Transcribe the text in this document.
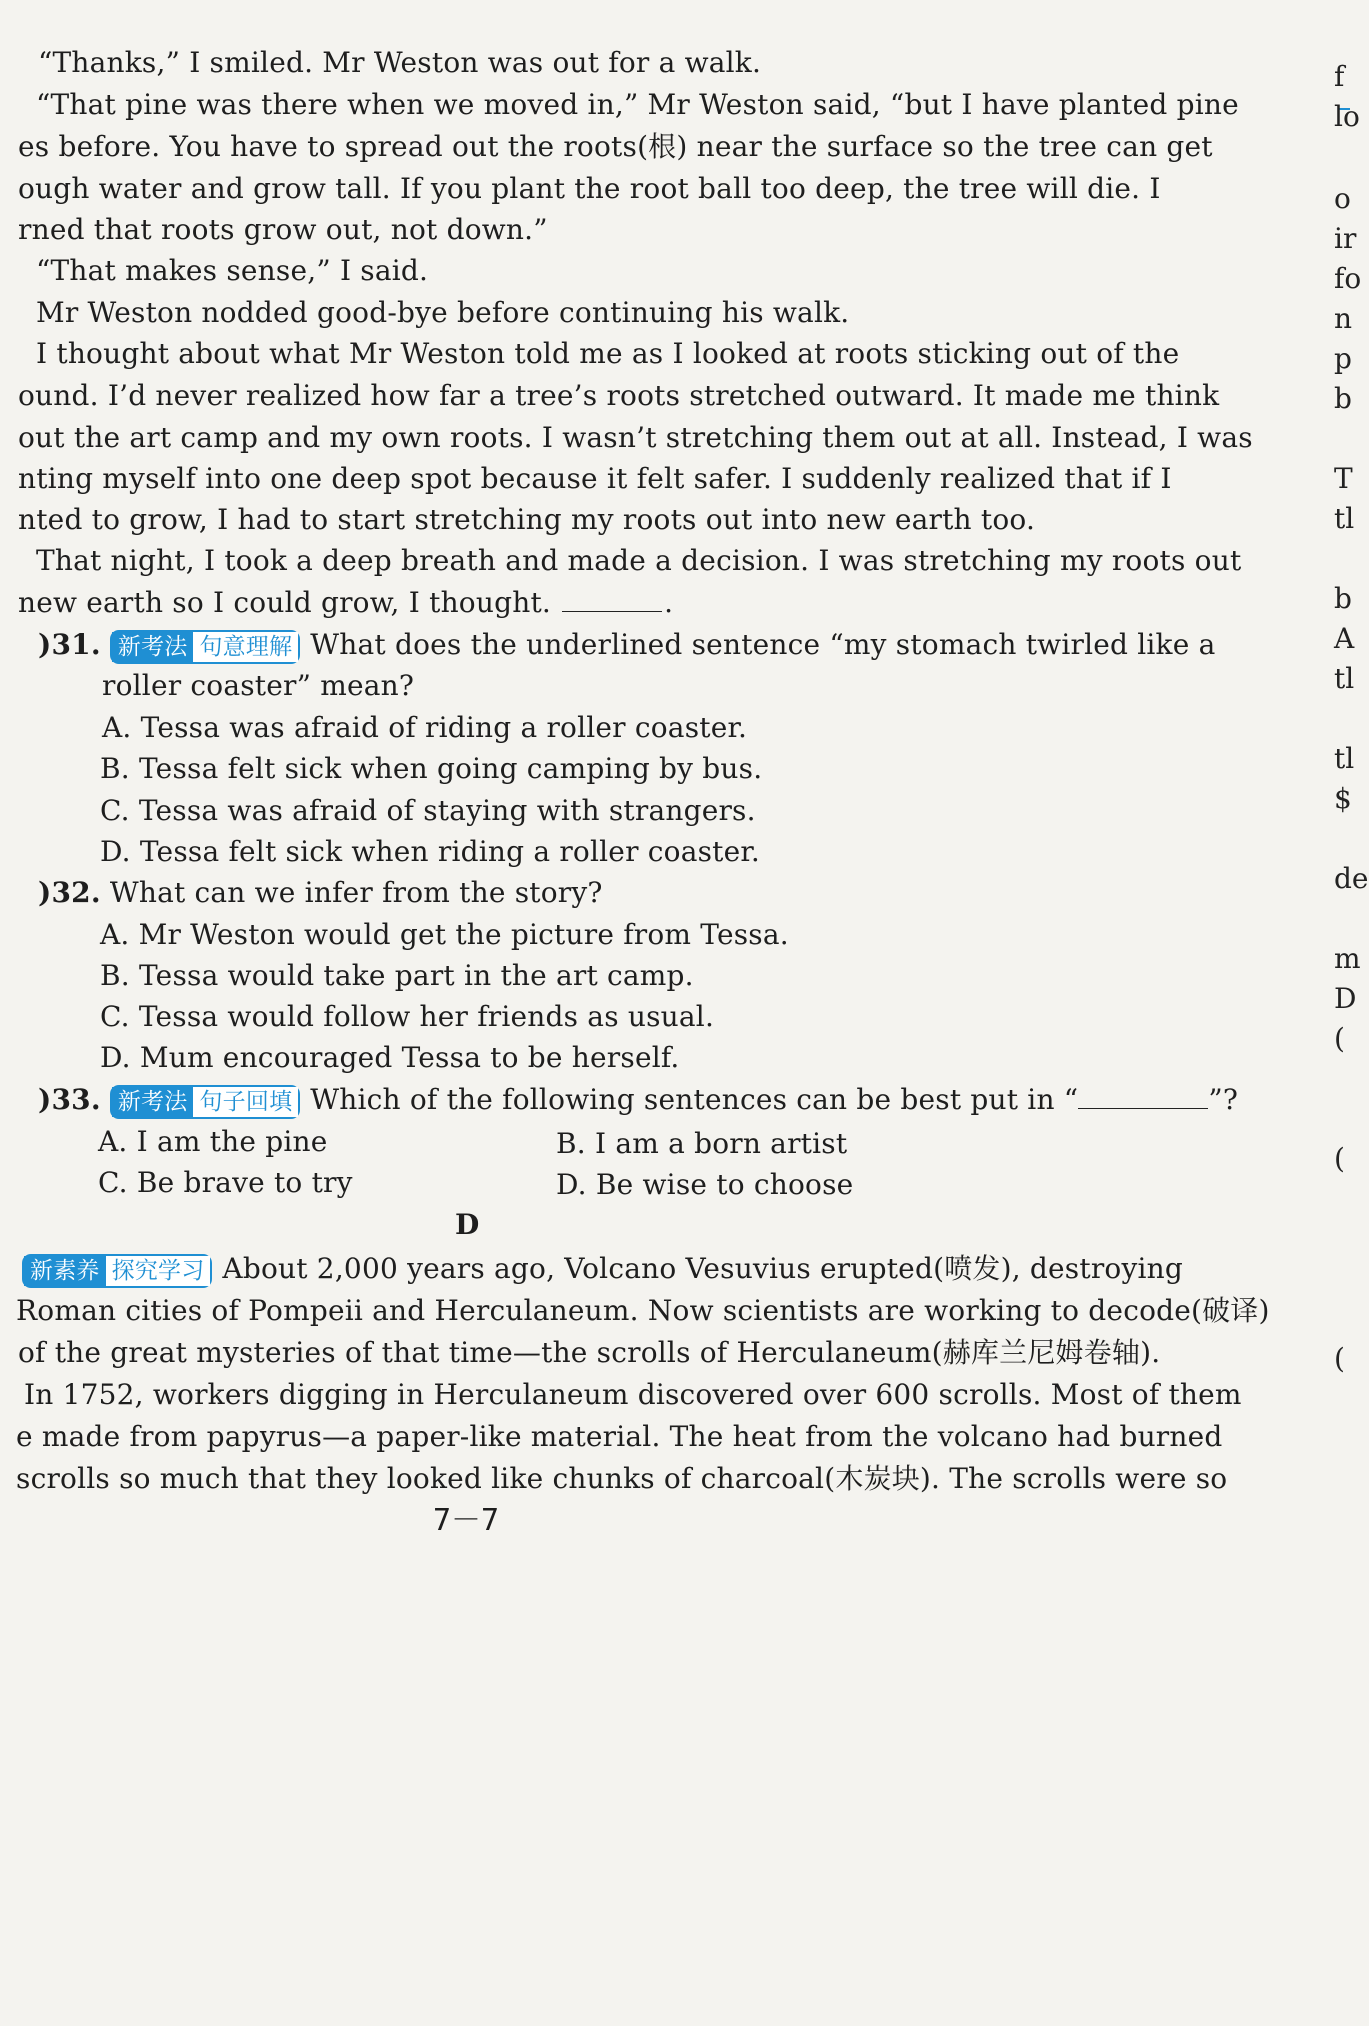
“Thanks,” I smiled. Mr Weston was out for a walk.
“That pine was there when we moved in,” Mr Weston said, “but I have planted pine
es before. You have to spread out the roots(根) near the surface so the tree can get
ough water and grow tall. If you plant the root ball too deep, the tree will die. I
rned that roots grow out, not down.”
“That makes sense,” I said.
Mr Weston nodded good-bye before continuing his walk.
I thought about what Mr Weston told me as I looked at roots sticking out of the
ound. I’d never realized how far a tree’s roots stretched outward. It made me think
out the art camp and my own roots. I wasn’t stretching them out at all. Instead, I was
nting myself into one deep spot because it felt safer. I suddenly realized that if I
nted to grow, I had to start stretching my roots out into new earth too.
That night, I took a deep breath and made a decision. I was stretching my roots out
new earth so I could grow, I thought.	.
)31. 新考法 句意理解 What does the underlined sentence “my stomach twirled like a
roller coaster” mean?
A. Tessa was afraid of riding a roller coaster.
B. Tessa felt sick when going camping by bus.
C. Tessa was afraid of staying with strangers.
D. Tessa felt sick when riding a roller coaster.
)32. What can we infer from the story?
A. Mr Weston would get the picture from Tessa.
B. Tessa would take part in the art camp.
C. Tessa would follow her friends as usual.
D. Mum encouraged Tessa to be herself.
)33. 新考法 句子回填 Which of the following sentences can be best put in “	”?
A. I am the pine	B. I am a born artist
C. Be brave to try	D. Be wise to choose
D
新素养 探究学习 About 2,000 years ago, Volcano Vesuvius erupted(喷发), destroying
Roman cities of Pompeii and Herculaneum. Now scientists are working to decode(破译)
of the great mysteries of that time—the scrolls of Herculaneum(赫库兰尼姆卷轴).
In 1752, workers digging in Herculaneum discovered over 600 scrolls. Most of them
e made from papyrus—a paper-like material. The heat from the volcano had burned
scrolls so much that they looked like chunks of charcoal(木炭块). The scrolls were so
7－7
f
lo
o
ir
fo
n
p
b
T
tl
b
A
tl
tl
$
de
m
D
(
(
(
